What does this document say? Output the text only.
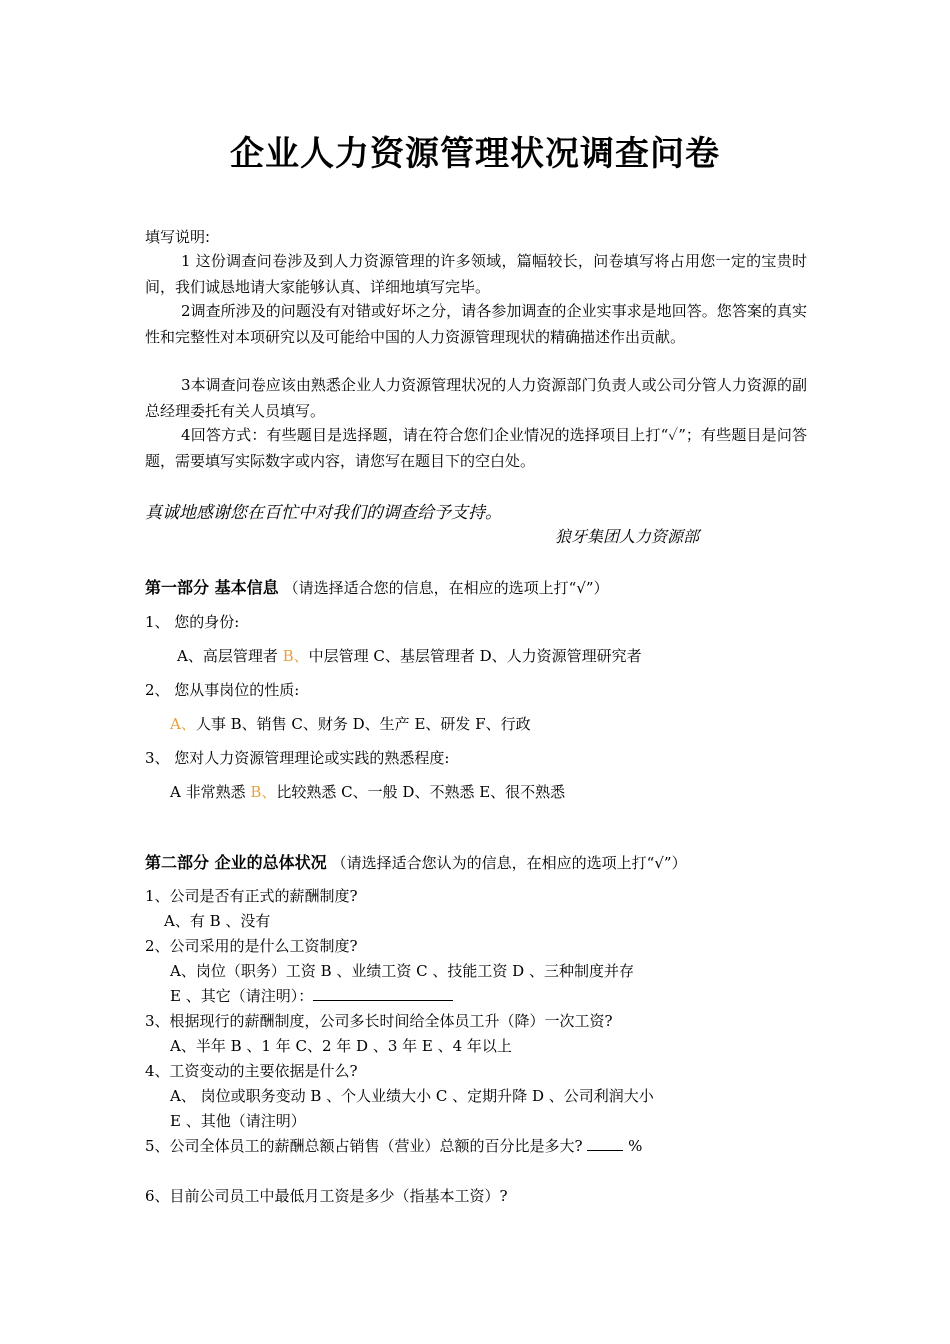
企业人力资源管理状况调查问卷
填写说明:
1 这份调查问卷涉及到人力资源管理的许多领域，篇幅较长，问卷填写将占用您一定的宝贵时间，我们诚恳地请大家能够认真、详细地填写完毕。
2调查所涉及的问题没有对错或好坏之分，请各参加调查的企业实事求是地回答。您答案的真实性和完整性对本项研究以及可能给中国的人力资源管理现状的精确描述作出贡献。
3本调查问卷应该由熟悉企业人力资源管理状况的人力资源部门负责人或公司分管人力资源的副总经理委托有关人员填写。
4回答方式：有些题目是选择题，请在符合您们企业情况的选择项目上打“✓”；有些题目是问答题，需要填写实际数字或内容，请您写在题目下的空白处。
真诚地感谢您在百忙中对我们的调查给予支持。
狼牙集团人力资源部
第一部分 基本信息 （请选择适合您的信息，在相应的选项上打“√”）
1、 您的身份:
A、高层管理者 B、中层管理 C、基层管理者 D、人力资源管理研究者
2、 您从事岗位的性质:
A、人事 B、销售 C、财务 D、生产 E、研发 F、行政
3、 您对人力资源管理理论或实践的熟悉程度:
A 非常熟悉 B、比较熟悉 C、一般 D、不熟悉 E、很不熟悉
第二部分 企业的总体状况 （请选择适合您认为的信息，在相应的选项上打“√”）
1、公司是否有正式的薪酬制度?
A、有 B 、没有
2、公司采用的是什么工资制度?
A、岗位（职务）工资 B 、业绩工资 C 、技能工资 D 、三种制度并存
E 、其它（请注明）：
3、根据现行的薪酬制度，公司多长时间给全体员工升（降）一次工资?
A、半年 B 、1 年 C、2 年 D 、3 年 E 、4 年以上
4、工资变动的主要依据是什么?
A、 岗位或职务变动 B 、个人业绩大小 C 、定期升降 D 、公司利润大小
E 、其他（请注明）
5、公司全体员工的薪酬总额占销售（营业）总额的百分比是多大?	%
6、目前公司员工中最低月工资是多少（指基本工资）?
